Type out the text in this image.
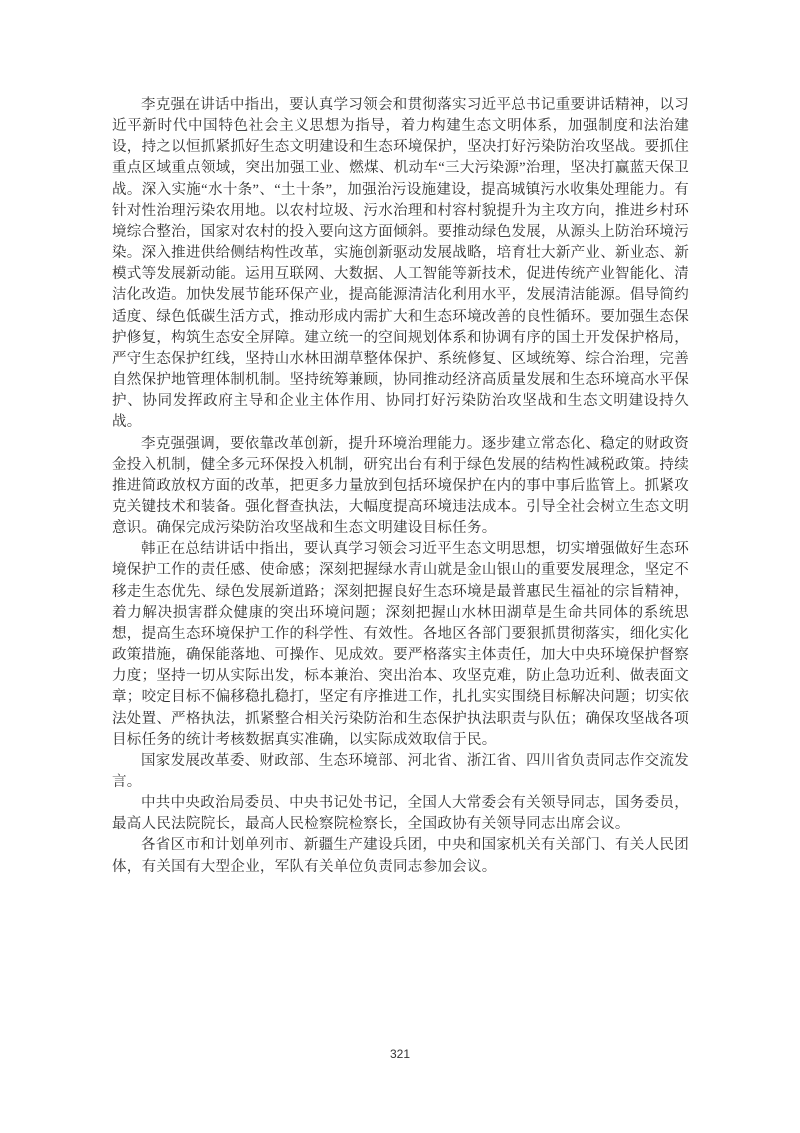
李克强在讲话中指出，要认真学习领会和贯彻落实习近平总书记重要讲话精神，以习近平新时代中国特色社会主义思想为指导，着力构建生态文明体系，加强制度和法治建设，持之以恒抓紧抓好生态文明建设和生态环境保护，坚决打好污染防治攻坚战。要抓住重点区域重点领域，突出加强工业、燃煤、机动车“三大污染源”治理，坚决打赢蓝天保卫战。深入实施“水十条”、“土十条”，加强治污设施建设，提高城镇污水收集处理能力。有针对性治理污染农用地。以农村垃圾、污水治理和村容村貌提升为主攻方向，推进乡村环境综合整治，国家对农村的投入要向这方面倾斜。要推动绿色发展，从源头上防治环境污染。深入推进供给侧结构性改革，实施创新驱动发展战略，培育壮大新产业、新业态、新模式等发展新动能。运用互联网、大数据、人工智能等新技术，促进传统产业智能化、清洁化改造。加快发展节能环保产业，提高能源清洁化利用水平，发展清洁能源。倡导简约适度、绿色低碳生活方式，推动形成内需扩大和生态环境改善的良性循环。要加强生态保护修复，构筑生态安全屏障。建立统一的空间规划体系和协调有序的国土开发保护格局，严守生态保护红线，坚持山水林田湖草整体保护、系统修复、区域统筹、综合治理，完善自然保护地管理体制机制。坚持统筹兼顾，协同推动经济高质量发展和生态环境高水平保护、协同发挥政府主导和企业主体作用、协同打好污染防治攻坚战和生态文明建设持久战。

李克强强调，要依靠改革创新，提升环境治理能力。逐步建立常态化、稳定的财政资金投入机制，健全多元环保投入机制，研究出台有利于绿色发展的结构性减税政策。持续推进简政放权方面的改革，把更多力量放到包括环境保护在内的事中事后监管上。抓紧攻克关键技术和装备。强化督查执法，大幅度提高环境违法成本。引导全社会树立生态文明意识。确保完成污染防治攻坚战和生态文明建设目标任务。

韩正在总结讲话中指出，要认真学习领会习近平生态文明思想，切实增强做好生态环境保护工作的责任感、使命感；深刻把握绿水青山就是金山银山的重要发展理念，坚定不移走生态优先、绿色发展新道路；深刻把握良好生态环境是最普惠民生福祉的宗旨精神，着力解决损害群众健康的突出环境问题；深刻把握山水林田湖草是生命共同体的系统思想，提高生态环境保护工作的科学性、有效性。各地区各部门要狠抓贯彻落实，细化实化政策措施，确保能落地、可操作、见成效。要严格落实主体责任，加大中央环境保护督察力度；坚持一切从实际出发，标本兼治、突出治本、攻坚克难，防止急功近利、做表面文章；咬定目标不偏移稳扎稳打，坚定有序推进工作，扎扎实实围绕目标解决问题；切实依法处置、严格执法，抓紧整合相关污染防治和生态保护执法职责与队伍；确保攻坚战各项目标任务的统计考核数据真实准确，以实际成效取信于民。

国家发展改革委、财政部、生态环境部、河北省、浙江省、四川省负责同志作交流发言。

中共中央政治局委员、中央书记处书记，全国人大常委会有关领导同志，国务委员，最高人民法院院长，最高人民检察院检察长，全国政协有关领导同志出席会议。

各省区市和计划单列市、新疆生产建设兵团，中央和国家机关有关部门、有关人民团体，有关国有大型企业，军队有关单位负责同志参加会议。

321
